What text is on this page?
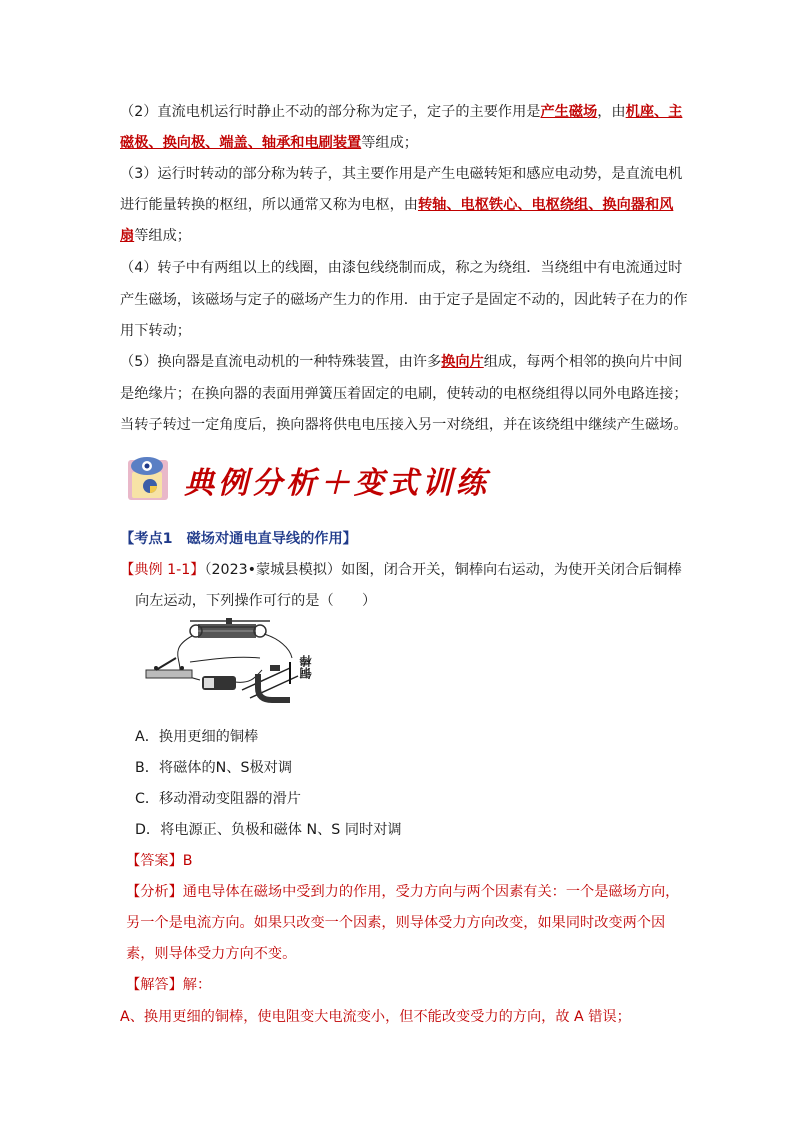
（2）直流电机运行时静止不动的部分称为定子，定子的主要作用是产生磁场，由机座、主
磁极、换向极、端盖、轴承和电刷装置等组成；
（3）运行时转动的部分称为转子，其主要作用是产生电磁转矩和感应电动势，是直流电机
进行能量转换的枢纽，所以通常又称为电枢，由转轴、电枢铁心、电枢绕组、换向器和风
扇等组成；
（4）转子中有两组以上的线圈，由漆包线绕制而成，称之为绕组．当绕组中有电流通过时
产生磁场，该磁场与定子的磁场产生力的作用．由于定子是固定不动的，因此转子在力的作
用下转动；
（5）换向器是直流电动机的一种特殊装置，由许多换向片组成，每两个相邻的换向片中间
是绝缘片；在换向器的表面用弹簧压着固定的电刷，使转动的电枢绕组得以同外电路连接；
当转子转过一定角度后，换向器将供电电压接入另一对绕组，并在该绕组中继续产生磁场。
典例分析＋变式训练
【考点1　磁场对通电直导线的作用】
【典例 1-1】（2023•蒙城县模拟）如图，闭合开关，铜棒向右运动，为使开关闭合后铜棒
向左运动，下列操作可行的是（　　）
铜棒
A．换用更细的铜棒
B．将磁体的N、S极对调
C．移动滑动变阻器的滑片
D．将电源正、负极和磁体 N、S 同时对调
【答案】B
【分析】通电导体在磁场中受到力的作用，受力方向与两个因素有关：一个是磁场方向，
另一个是电流方向。如果只改变一个因素，则导体受力方向改变，如果同时改变两个因
素，则导体受力方向不变。
【解答】解：
A、换用更细的铜棒，使电阻变大电流变小，但不能改变受力的方向，故 A 错误；
